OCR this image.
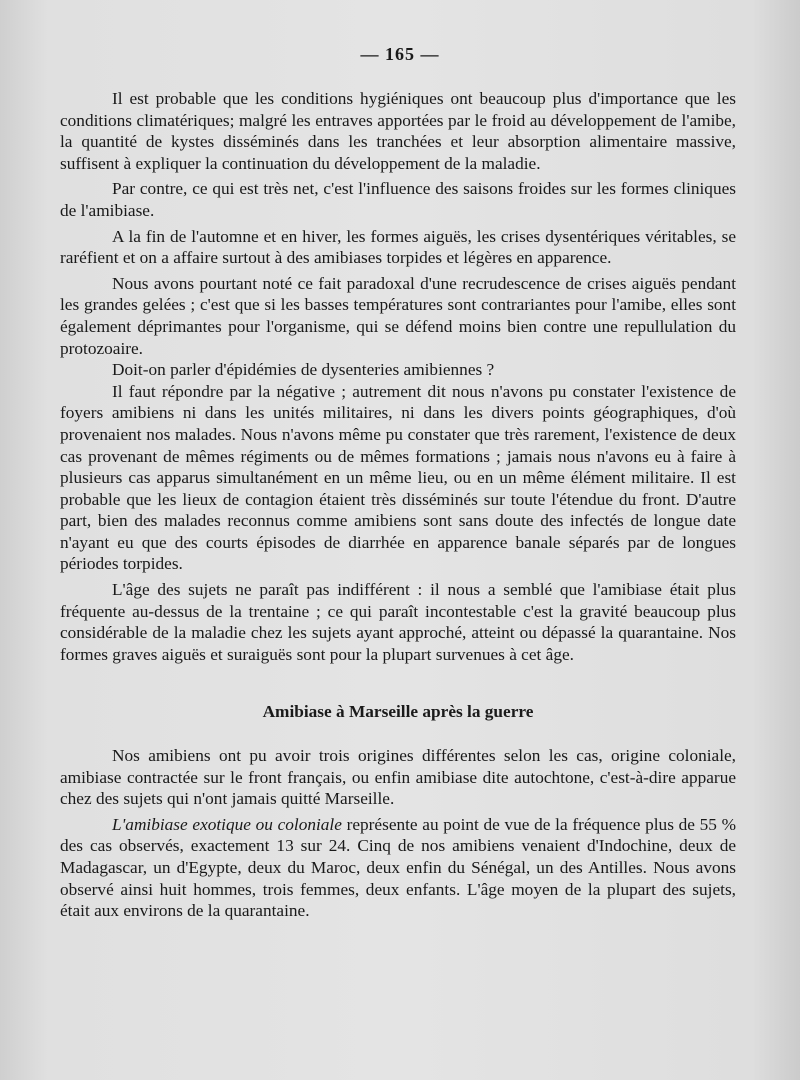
— 165 —

Il est probable que les conditions hygiéniques ont beaucoup plus d'importance que les conditions climatériques; malgré les entraves apportées par le froid au développement de l'amibe, la quantité de kystes disséminés dans les tranchées et leur absorption alimentaire massive, suffisent à expliquer la continuation du développement de la maladie.

Par contre, ce qui est très net, c'est l'influence des saisons froides sur les formes cliniques de l'amibiase.

A la fin de l'automne et en hiver, les formes aiguës, les crises dysentériques véritables, se raréfient et on a affaire surtout à des amibiases torpides et légères en apparence.

Nous avons pourtant noté ce fait paradoxal d'une recrudescence de crises aiguës pendant les grandes gelées ; c'est que si les basses températures sont contrariantes pour l'amibe, elles sont également déprimantes pour l'organisme, qui se défend moins bien contre une repullulation du protozoaire.

Doit-on parler d'épidémies de dysenteries amibiennes ?

Il faut répondre par la négative ; autrement dit nous n'avons pu constater l'existence de foyers amibiens ni dans les unités militaires, ni dans les divers points géographiques, d'où provenaient nos malades. Nous n'avons même pu constater que très rarement, l'existence de deux cas provenant de mêmes régiments ou de mêmes formations ; jamais nous n'avons eu à faire à plusieurs cas apparus simultanément en un même lieu, ou en un même élément militaire. Il est probable que les lieux de contagion étaient très disséminés sur toute l'étendue du front. D'autre part, bien des malades reconnus comme amibiens sont sans doute des infectés de longue date n'ayant eu que des courts épisodes de diarrhée en apparence banale séparés par de longues périodes torpides.

L'âge des sujets ne paraît pas indifférent : il nous a semblé que l'amibiase était plus fréquente au-dessus de la trentaine ; ce qui paraît incontestable c'est la gravité beaucoup plus considérable de la maladie chez les sujets ayant approché, atteint ou dépassé la quarantaine. Nos formes graves aiguës et suraiguës sont pour la plupart survenues à cet âge.

Amibiase à Marseille après la guerre

Nos amibiens ont pu avoir trois origines différentes selon les cas, origine coloniale, amibiase contractée sur le front français, ou enfin amibiase dite autochtone, c'est-à-dire apparue chez des sujets qui n'ont jamais quitté Marseille.

L'amibiase exotique ou coloniale représente au point de vue de la fréquence plus de 55 % des cas observés, exactement 13 sur 24. Cinq de nos amibiens venaient d'Indochine, deux de Madagascar, un d'Egypte, deux du Maroc, deux enfin du Sénégal, un des Antilles. Nous avons observé ainsi huit hommes, trois femmes, deux enfants. L'âge moyen de la plupart des sujets, était aux environs de la quarantaine.
